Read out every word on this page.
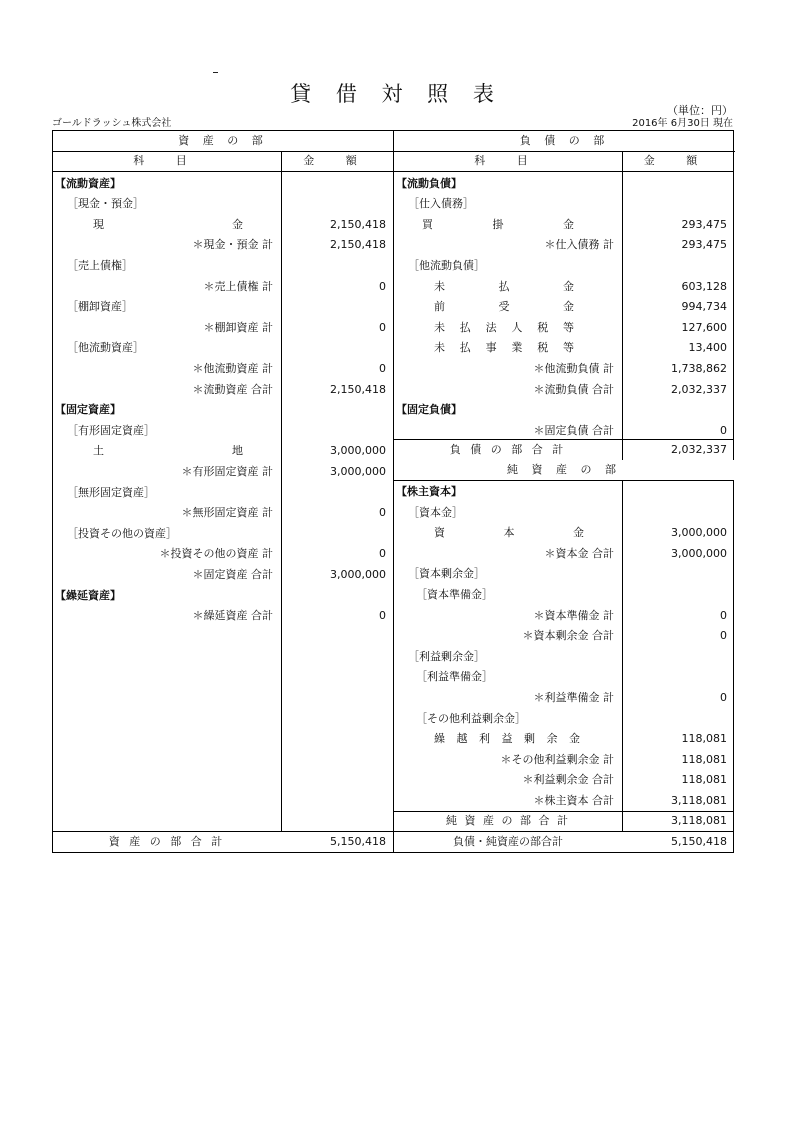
貸 借 対 照 表
（単位：円）
ゴールドラッシュ株式会社	2016年 6月30日 現在
資 産 の 部
科 目	金 額
【流動資産】
［現金・預金］
現	金	2,150,418
＊現金・預金 計	2,150,418
［売上債権］
＊売上債権 計	0
［棚卸資産］
＊棚卸資産 計	0
［他流動資産］
＊他流動資産 計	0
＊流動資産 合計	2,150,418
【固定資産】
［有形固定資産］
土	地	3,000,000
＊有形固定資産 計	3,000,000
［無形固定資産］
＊無形固定資産 計	0
［投資その他の資産］
＊投資その他の資産 計	0
＊固定資産 合計	3,000,000
【繰延資産】
＊繰延資産 合計	0
資 産 の 部 合 計	5,150,418
負 債 の 部
科 目	金 額
【流動負債】
［仕入債務］
買	掛	金	293,475
＊仕入債務 計	293,475
［他流動負債］
未	払	金	603,128
前	受	金	994,734
未 払 法 人 税 等	127,600
未 払 事 業 税 等	13,400
＊他流動負債 計	1,738,862
＊流動負債 合計	2,032,337
【固定負債】
＊固定負債 合計	0
負 債 の 部 合 計	2,032,337
純 資 産 の 部
【株主資本】
［資本金］
資	本	金	3,000,000
＊資本金 合計	3,000,000
［資本剰余金］
［資本準備金］
＊資本準備金 計	0
＊資本剰余金 合計	0
［利益剰余金］
［利益準備金］
＊利益準備金 計	0
［その他利益剰余金］
繰 越 利 益 剰 余 金	118,081
＊その他利益剰余金 計	118,081
＊利益剰余金 合計	118,081
＊株主資本 合計	3,118,081
純 資 産 の 部 合 計	3,118,081
負債・純資産の部合計	5,150,418
